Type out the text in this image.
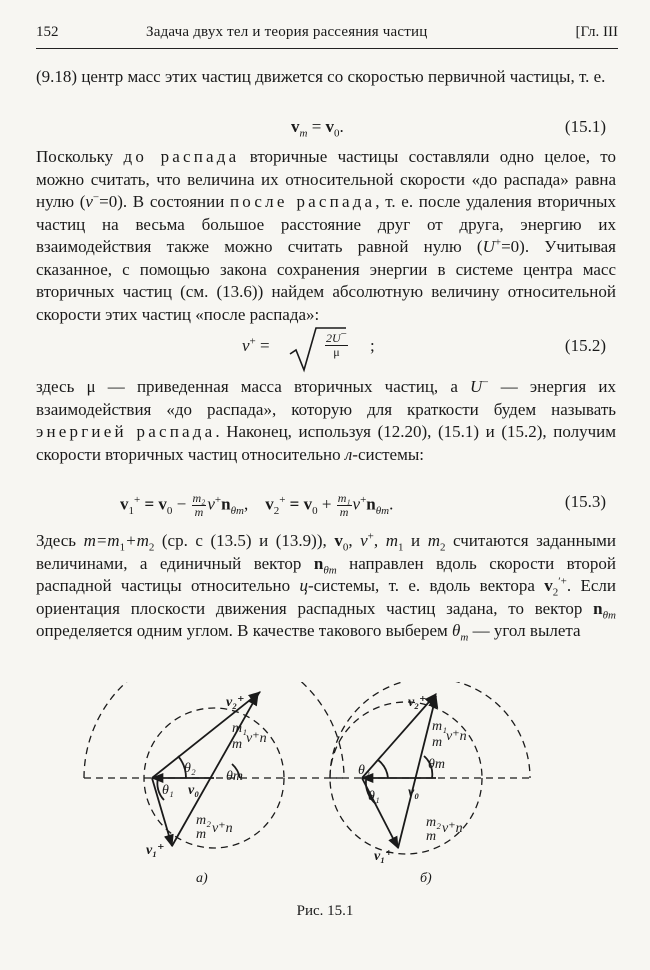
152	Задача двух тел и теория рассеяния частиц	[Гл. III
(9.18) центр масс этих частиц движется со скоростью первичной частицы, т. е.
$v_m = v_0$.	(15.1)
Поскольку до распада вторичные частицы составляли одно целое, то можно считать, что величина их относительной скорости «до распада» равна нулю (v−=0). В состоянии после распада, т. е. после удаления вторичных частиц на весьма большое расстояние друг от друга, энергию их взаимодействия также можно считать равной нулю (U+=0). Учитывая сказанное, с помощью закона сохранения энергии в системе центра масс вторичных частиц (см. (13.6)) найдем абсолютную величину относительной скорости этих частиц «после распада»:
v+ =	$\frac{2U^-}{\mu}$ ;	(15.2)
здесь μ — приведенная масса вторичных частиц, а U− — энергия их взаимодействия «до распада», которую для краткости будем называть энергией распада. Наконец, используя (12.20), (15.1) и (15.2), получим скорости вторичных частиц относительно л-системы:
$v_1^+ = v_0 - \frac{\text{m₂}}{m} v^+n_{\theta m}$, $v_2^+ = v_0 + \frac{\text{m₁}}{m} v^+n_{\theta m}$.	(15.3)
Здесь $m=m_1+m_2$ (ср. с (13.5) и (13.9)), $v_0$, v+, $m_1$ и $m_2$ считаются заданными величинами, а единичный вектор $n_{\theta m}$ направлен вдоль скорости второй распадной частицы относительно ц-системы, т. е. вдоль вектора $v_2^{'+}$. Если ориентация плоскости движения распадных частиц задана, то вектор $n_{\theta m}$ определяется одним углом. В качестве такового выберем $\theta_m$ — угол вылета
v₂⁺
m₁
m v⁺n
θ₂
θ₁
θm
v₀
m₂
m v⁺n
v₁⁺
а)
v₂⁺
m₁
m v⁺n
θ₂
θ₁
θm
v₀
m₂
m
v⁺n
v₁⁺
б)
Рис. 15.1
